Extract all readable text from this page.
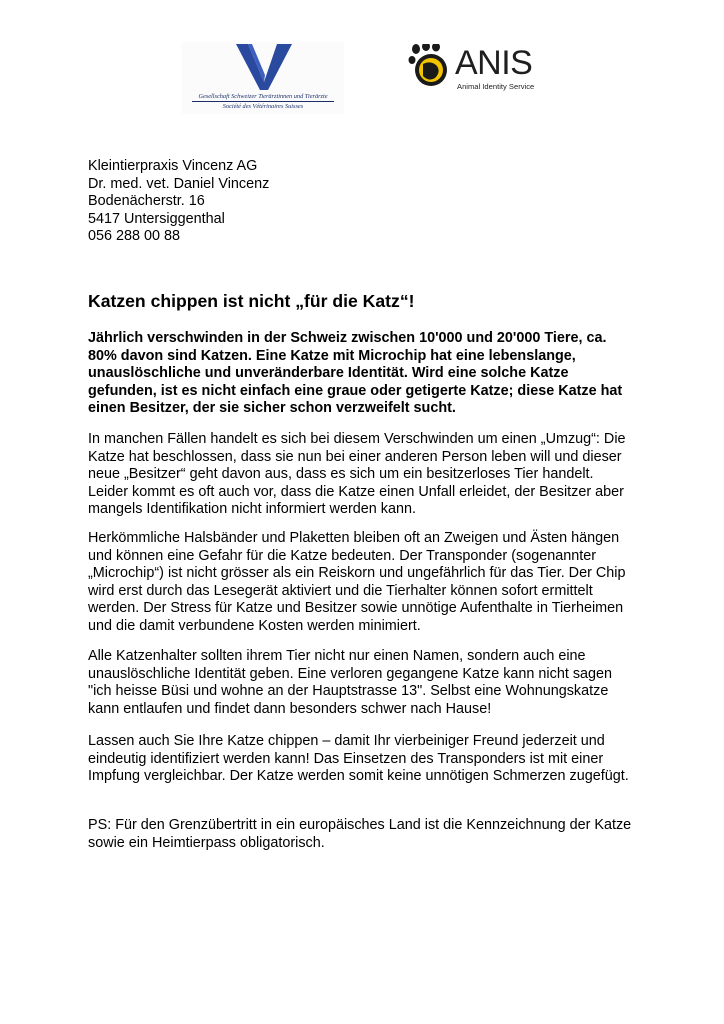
Gesellschaft Schweizer Tierärztinnen und Tierärzte
Société des Vétérinaires Suisses
ANIS
Animal Identity Service
Kleintierpraxis Vincenz AG
Dr. med. vet. Daniel Vincenz
Bodenächerstr. 16
5417 Untersiggenthal
056 288 00 88
Katzen chippen ist nicht „für die Katz“!

Jährlich verschwinden in der Schweiz zwischen 10'000 und 20'000 Tiere, ca.
80% davon sind Katzen. Eine Katze mit Microchip hat eine lebenslange,
unauslöschliche und unveränderbare Identität. Wird eine solche Katze
gefunden, ist es nicht einfach eine graue oder getigerte Katze; diese Katze hat
einen Besitzer, der sie sicher schon verzweifelt sucht.

In manchen Fällen handelt es sich bei diesem Verschwinden um einen „Umzug“: Die
Katze hat beschlossen, dass sie nun bei einer anderen Person leben will und dieser
neue „Besitzer“ geht davon aus, dass es sich um ein besitzerloses Tier handelt.
Leider kommt es oft auch vor, dass die Katze einen Unfall erleidet, der Besitzer aber
mangels Identifikation nicht informiert werden kann.

Herkömmliche Halsbänder und Plaketten bleiben oft an Zweigen und Ästen hängen
und können eine Gefahr für die Katze bedeuten. Der Transponder (sogenannter
„Microchip“) ist nicht grösser als ein Reiskorn und ungefährlich für das Tier. Der Chip
wird erst durch das Lesegerät aktiviert und die Tierhalter können sofort ermittelt
werden. Der Stress für Katze und Besitzer sowie unnötige Aufenthalte in Tierheimen
und die damit verbundene Kosten werden minimiert.

Alle Katzenhalter sollten ihrem Tier nicht nur einen Namen, sondern auch eine
unauslöschliche Identität geben. Eine verloren gegangene Katze kann nicht sagen
"ich heisse Büsi und wohne an der Hauptstrasse 13". Selbst eine Wohnungskatze
kann entlaufen und findet dann besonders schwer nach Hause!

Lassen auch Sie Ihre Katze chippen – damit Ihr vierbeiniger Freund jederzeit und
eindeutig identifiziert werden kann! Das Einsetzen des Transponders ist mit einer
Impfung vergleichbar. Der Katze werden somit keine unnötigen Schmerzen zugefügt.

PS: Für den Grenzübertritt in ein europäisches Land ist die Kennzeichnung der Katze
sowie ein Heimtierpass obligatorisch.
